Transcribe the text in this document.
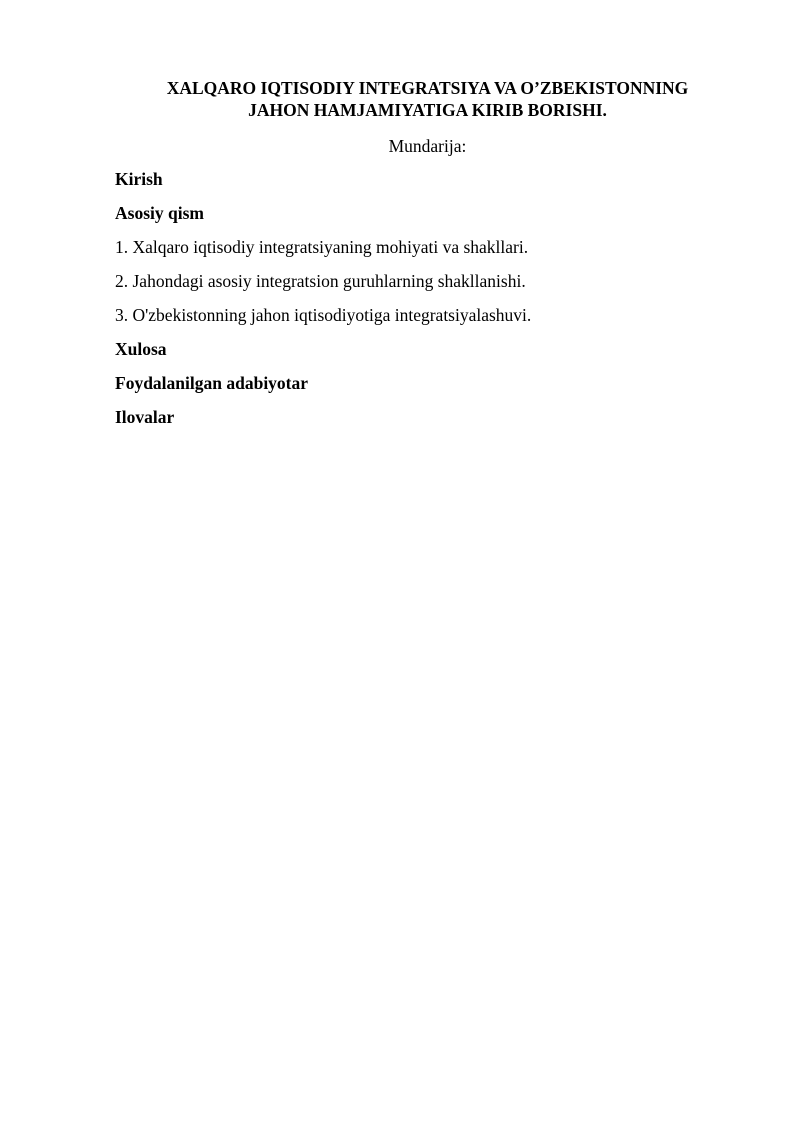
XALQARO IQTISODIY INTEGRATSIYA VA O’ZBEKISTONNING
JAHON HAMJAMIYATIGA KIRIB BORISHI.

Mundarija:

Kirish
Asosiy qism
1. Xalqaro iqtisodiy integratsiyaning mohiyati va shakllari.
2. Jahondagi asosiy integratsion guruhlarning shakllanishi.
3. O'zbekistonning jahon iqtisodiyotiga integratsiyalashuvi.
Xulosa
Foydalanilgan adabiyotar
Ilovalar
